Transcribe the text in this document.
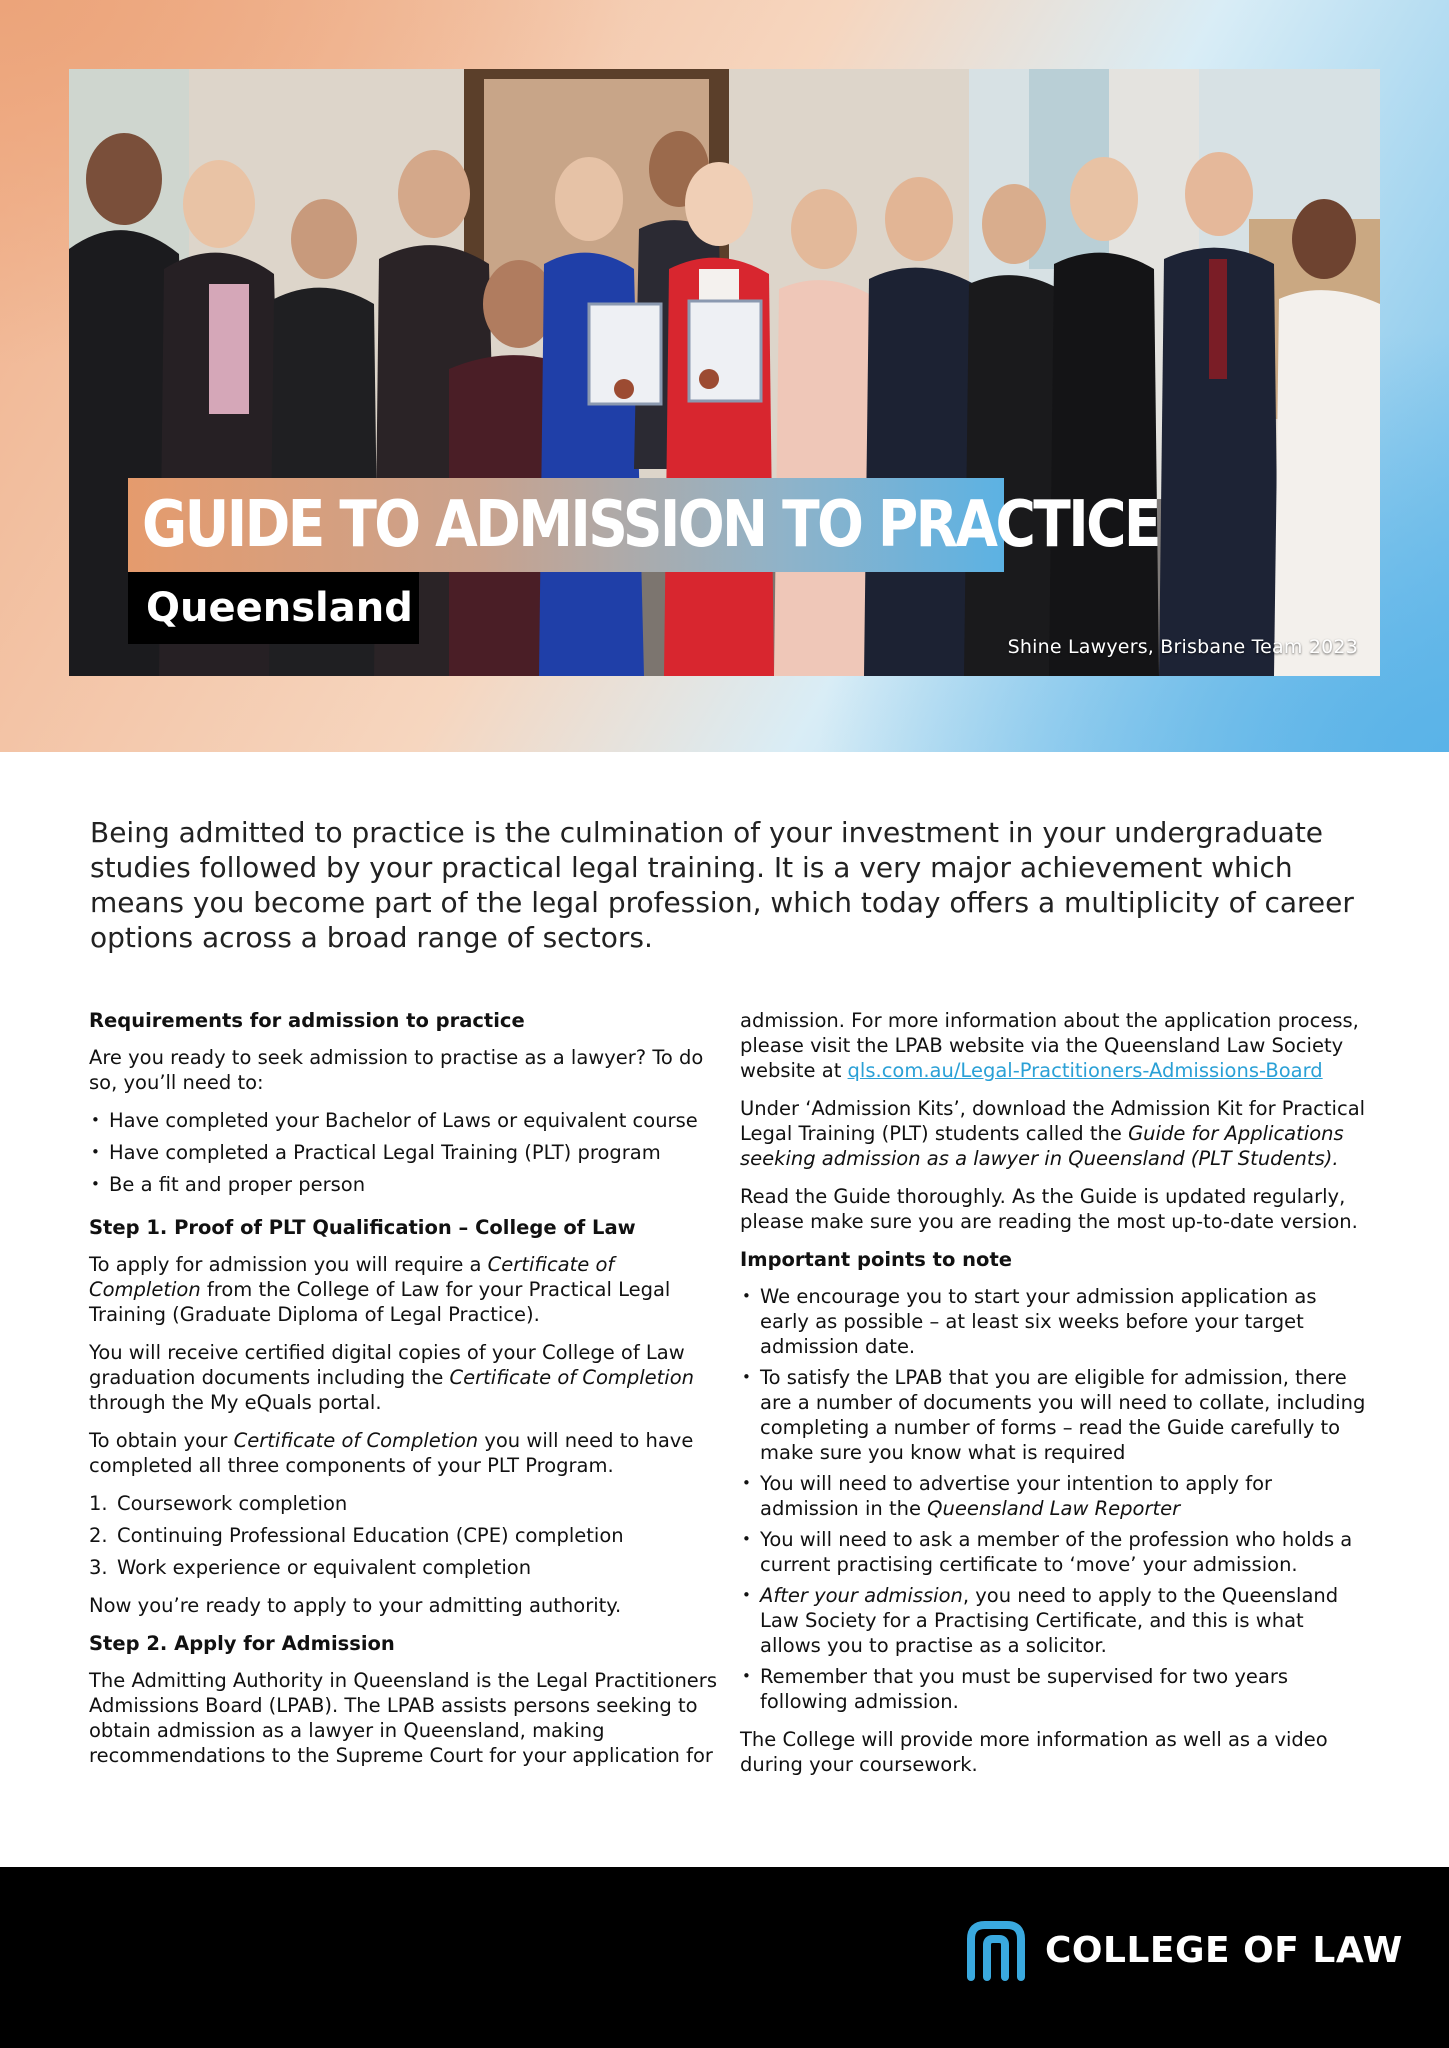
Shine Lawyers, Brisbane Team 2023
GUIDE TO ADMISSION TO PRACTICE
Queensland

Being admitted to practice is the culmination of your investment in your undergraduate studies followed by your practical legal training. It is a very major achievement which means you become part of the legal profession, which today offers a multiplicity of career options across a broad range of sectors.

Requirements for admission to practice

Are you ready to seek admission to practise as a lawyer? To do so, you’ll need to:

• Have completed your Bachelor of Laws or equivalent course
• Have completed a Practical Legal Training (PLT) program
• Be a fit and proper person
Step 1. Proof of PLT Qualification – College of Law

To apply for admission you will require a Certificate of Completion from the College of Law for your Practical Legal Training (Graduate Diploma of Legal Practice).

You will receive certified digital copies of your College of Law graduation documents including the Certificate of Completion through the My eQuals portal.

To obtain your Certificate of Completion you will need to have completed all three components of your PLT Program.

1. Coursework completion
2. Continuing Professional Education (CPE) completion
3. Work experience or equivalent completion

Now you’re ready to apply to your admitting authority.

Step 2. Apply for Admission

The Admitting Authority in Queensland is the Legal Practitioners Admissions Board (LPAB). The LPAB assists persons seeking to obtain admission as a lawyer in Queensland, making recommendations to the Supreme Court for your application for

admission. For more information about the application process, please visit the LPAB website via the Queensland Law Society website at qls.com.au/Legal-Practitioners-Admissions-Board

Under ‘Admission Kits’, download the Admission Kit for Practical Legal Training (PLT) students called the Guide for Applications seeking admission as a lawyer in Queensland (PLT Students).

Read the Guide thoroughly. As the Guide is updated regularly, please make sure you are reading the most up-to-date version.

Important points to note
• We encourage you to start your admission application as early as possible – at least six weeks before your target admission date.
• To satisfy the LPAB that you are eligible for admission, there are a number of documents you will need to collate, including completing a number of forms – read the Guide carefully to make sure you know what is required
• You will need to advertise your intention to apply for admission in the Queensland Law Reporter
• You will need to ask a member of the profession who holds a current practising certificate to ‘move’ your admission.
• After your admission, you need to apply to the Queensland Law Society for a Practising Certificate, and this is what allows you to practise as a solicitor.
• Remember that you must be supervised for two years following admission.

The College will provide more information as well as a video during your coursework.

COLLEGE OF LAW
